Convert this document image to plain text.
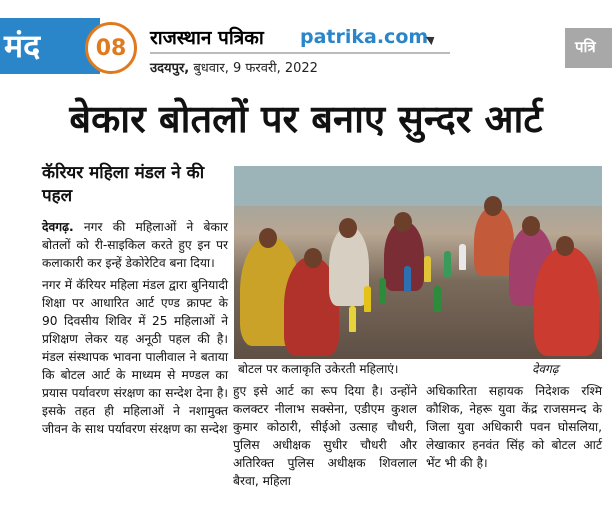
मंद	08	राजस्थान पत्रिका patrika.com
उदयपुर, बुधवार, 9 फरवरी, 2022
पत्रि
बेकार बोतलों पर बनाए सुन्दर आर्ट
कॅरियर महिला मंडल ने की पहल

देवगढ़. नगर की महिलाओं ने बेकार बोतलों को री-साइकिल करते हुए इन पर कलाकारी कर इन्हें डेकोरेटिव बना दिया।

नगर में कॅरियर महिला मंडल द्वारा बुनियादी शिक्षा पर आधारित आर्ट एण्ड क्राफ्ट के 90 दिवसीय शिविर में 25 महिलाओं ने प्रशिक्षण लेकर यह अनूठी पहल की है। मंडल संस्थापक भावना पालीवाल ने बताया कि बोटल आर्ट के माध्यम से मण्डल का प्रयास पर्यावरण संरक्षण का सन्देश देना है। इसके तहत ही महिलाओं ने नशामुक्त जीवन के साथ पर्यावरण संरक्षण का सन्देश

बोटल पर कलाकृति उकेरती महिलाएं।	देवगढ़
हुए इसे आर्ट का रूप दिया है। उन्होंने कलक्टर नीलाभ सक्सेना, एडीएम कुशल कुमार कोठारी, सीईओ उत्साह चौधरी, पुलिस अधीक्षक सुधीर चौधरी और अतिरिक्त पुलिस अधीक्षक शिवलाल बैरवा, महिला
अधिकारिता सहायक निदेशक रश्मि कौशिक, नेहरू युवा केंद्र राजसमन्द के जिला युवा अधिकारी पवन घोसलिया, लेखाकार हनवंत सिंह को बोटल आर्ट भेंट भी की है।
